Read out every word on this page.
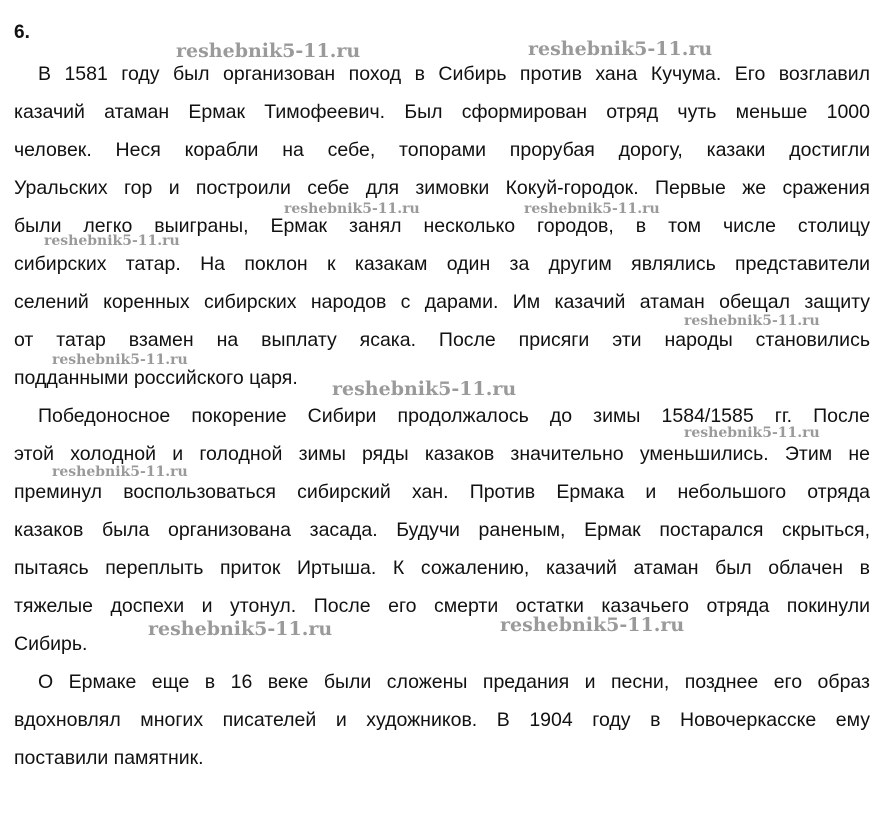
6.
В 1581 году был организован поход в Сибирь против хана Кучума. Его возглавил
казачий атаман Ермак Тимофеевич. Был сформирован отряд чуть меньше 1000
человек. Неся корабли на себе, топорами прорубая дорогу, казаки достигли
Уральских гор и построили себе для зимовки Кокуй-городок. Первые же сражения
были легко выиграны, Ермак занял несколько городов, в том числе столицу
сибирских татар. На поклон к казакам один за другим являлись представители
селений коренных сибирских народов с дарами. Им казачий атаман обещал защиту
от татар взамен на выплату ясака. После присяги эти народы становились
подданными российского царя.
Победоносное покорение Сибири продолжалось до зимы 1584/1585 гг. После
этой холодной и голодной зимы ряды казаков значительно уменьшились. Этим не
преминул воспользоваться сибирский хан. Против Ермака и небольшого отряда
казаков была организована засада. Будучи раненым, Ермак постарался скрыться,
пытаясь переплыть приток Иртыша. К сожалению, казачий атаман был облачен в
тяжелые доспехи и утонул. После его смерти остатки казачьего отряда покинули
Сибирь.
О Ермаке еще в 16 веке были сложены предания и песни, позднее его образ
вдохновлял многих писателей и художников. В 1904 году в Новочеркасске ему
поставили памятник.
reshebnik5-11.ru	reshebnik5-11.ru
reshebnik5-11.ru	reshebnik5-11.ru
reshebnik5-11.ru
reshebnik5-11.ru
reshebnik5-11.ru
reshebnik5-11.ru
reshebnik5-11.ru
reshebnik5-11.ru
reshebnik5-11.ru	reshebnik5-11.ru
